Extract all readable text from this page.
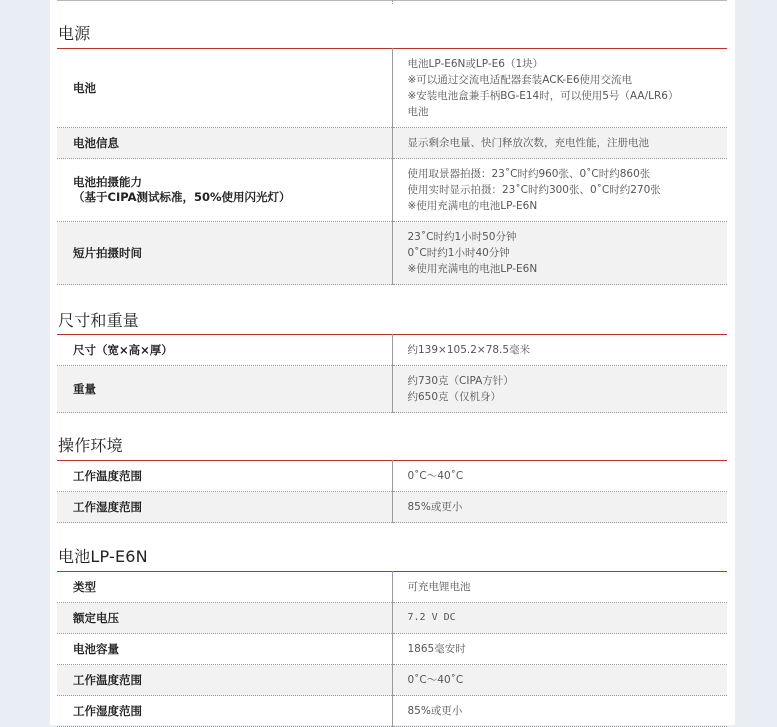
电源
电池	电池LP-E6N或LP-E6（1块）
※可以通过交流电适配器套装ACK-E6使用交流电
※安装电池盒兼手柄BG-E14时，可以使用5号（AA/LR6）
电池

电池信息	显示剩余电量、快门释放次数，充电性能，注册电池

电池拍摄能力
（基于CIPA测试标准，50%使用闪光灯）	使用取景器拍摄：23˚C时约960张、0˚C时约860张
使用实时显示拍摄：23˚C时约300张、0˚C时约270张
※使用充满电的电池LP-E6N

短片拍摄时间	23˚C时约1小时50分钟
0˚C时约1小时40分钟
※使用充满电的电池LP-E6N
尺寸和重量
尺寸（宽×高×厚）	约139×105.2×78.5毫米

重量	约730克（CIPA方针）
约650克（仅机身）
操作环境
工作温度范围	0˚C～40˚C

工作湿度范围	85%或更小
电池LP-E6N
类型	可充电锂电池

额定电压	7.2 V DC

电池容量	1865毫安时

工作温度范围	0˚C～40˚C

工作湿度范围	85%或更小
